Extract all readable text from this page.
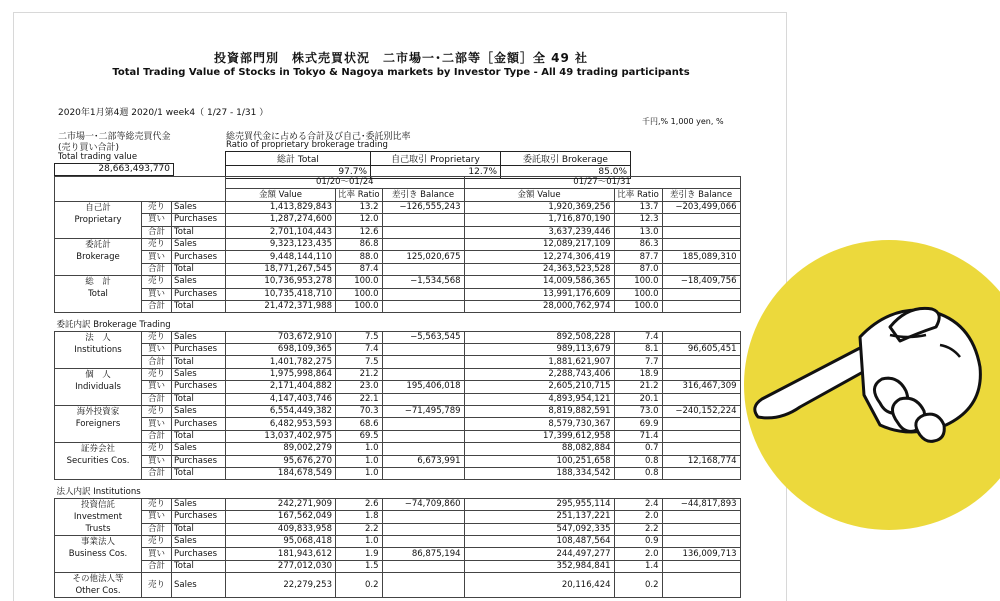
投資部門別　株式売買状況　二市場一･二部等［金額］全 49 社
Total Trading Value of Stocks in Tokyo & Nagoya markets by Investor Type - All 49 trading participants
2020年1月第4週 2020/1 week4（ 1/27 - 1/31 ）
千円,% 1,000 yen, %
二市場一･二部等総売買代金
(売り買い合計)
Total trading value
28,663,493,770
総売買代金に占める合計及び自己･委託別比率
Ratio of proprietary brokerage trading
総計 Total	自己取引 Proprietary	委託取引 Brokerage
97.7%	12.7%	85.0%
			01/20〜01/24			01/27〜01/31		
			金額 Value	比率 Ratio	差引き Balance	金額 Value	比率 Ratio	差引き Balance

自己計
Proprietary	売り	Sales	1,413,829,843	13.2	−126,555,243	1,920,369,256	13.7	−203,499,066
	買い	Purchases	1,287,274,600	12.0		1,716,870,190	12.3	
	合計	Total	2,701,104,443	12.6		3,637,239,446	13.0	

委託計
Brokerage	売り	Sales	9,323,123,435	86.8		12,089,217,109	86.3	
	買い	Purchases	9,448,144,110	88.0	125,020,675	12,274,306,419	87.7	185,089,310
	合計	Total	18,771,267,545	87.4		24,363,523,528	87.0	

総　計
Total	売り	Sales	10,736,953,278	100.0	−1,534,568	14,009,586,365	100.0	−18,409,756
	買い	Purchases	10,735,418,710	100.0		13,991,176,609	100.0	
	合計	Total	21,472,371,988	100.0		28,000,762,974	100.0	

委託内訳 Brokerage Trading								

法　人
Institutions	売り	Sales	703,672,910	7.5	−5,563,545	892,508,228	7.4	
	買い	Purchases	698,109,365	7.4		989,113,679	8.1	96,605,451
	合計	Total	1,401,782,275	7.5		1,881,621,907	7.7	

個　人
Individuals	売り	Sales	1,975,998,864	21.2		2,288,743,406	18.9	
	買い	Purchases	2,171,404,882	23.0	195,406,018	2,605,210,715	21.2	316,467,309
	合計	Total	4,147,403,746	22.1		4,893,954,121	20.1	

海外投資家
Foreigners	売り	Sales	6,554,449,382	70.3	−71,495,789	8,819,882,591	73.0	−240,152,224
	買い	Purchases	6,482,953,593	68.6		8,579,730,367	69.9	
	合計	Total	13,037,402,975	69.5		17,399,612,958	71.4	

証券会社
Securities Cos.	売り	Sales	89,002,279	1.0		88,082,884	0.7	
	買い	Purchases	95,676,270	1.0	6,673,991	100,251,658	0.8	12,168,774
	合計	Total	184,678,549	1.0		188,334,542	0.8	

法人内訳 Institutions								

投資信託
Investment
Trusts	売り	Sales	242,271,909	2.6	−74,709,860	295,955,114	2.4	−44,817,893
	買い	Purchases	167,562,049	1.8		251,137,221	2.0	
	合計	Total	409,833,958	2.2		547,092,335	2.2	

事業法人
Business Cos.	売り	Sales	95,068,418	1.0		108,487,564	0.9	
	買い	Purchases	181,943,612	1.9	86,875,194	244,497,277	2.0	136,009,713
	合計	Total	277,012,030	1.5		352,984,841	1.4	

その他法人等
Other Cos.	売り	Sales	22,279,253	0.2		20,116,424	0.2	
